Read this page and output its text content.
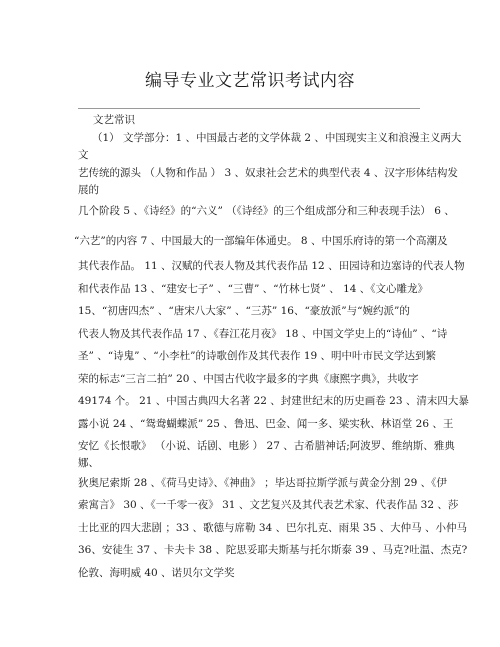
编导专业文艺常识考试内容
文艺常识
（1） 文学部分：1 、中国最古老的文学体裁 2 、中国现实主义和浪漫主义两大
文
艺传统的源头 （人物和作品 ） 3 、奴隶社会艺术的典型代表 4 、汉字形体结构发
展的
几个阶段 5 、《诗经》的“六义” （《诗经》的三个组成部分和三种表现手法） 6 、
“六艺”的内容 7 、中国最大的一部编年体通史。 8 、中国乐府诗的第一个高潮及
其代表作品。 11 、汉赋的代表人物及其代表作品 12 、田园诗和边塞诗的代表人物
和代表作品 13 、“建安七子” 、“三曹” 、“竹林七贤” 、 14 、《文心雕龙》
15、“初唐四杰” 、“唐宋八大家” 、“三苏” 16、“豪放派”与“婉约派”的
代表人物及其代表作品 17 、《春江花月夜》 18 、中国文学史上的“诗仙” 、“诗
圣” 、“诗鬼” 、“小李杜”的诗歌创作及其代表作 19 、明中叶市民文学达到繁
荣的标志“三言二拍” 20 、中国古代收字最多的字典《康熙字典》，共收字
49174 个。 21 、中国古典四大名著 22 、封建世纪末的历史画卷 23 、清末四大暴
露小说 24 、“鸳鸯蝴蝶派” 25 、鲁迅、巴金、闻一多、梁实秋、林语堂 26 、王
安忆《长恨歌》 （小说、话剧、电影 ） 27 、古希腊神话;阿波罗、维纳斯、雅典
娜、
狄奥尼索斯 28 、《荷马史诗》、《神曲》 ；毕达哥拉斯学派与黄金分割 29 、《伊
索寓言》 30 、《一千零一夜》 31 、文艺复兴及其代表艺术家、代表作品 32 、莎
士比亚的四大悲剧 ；33 、歌德与席勒 34 、巴尔扎克、雨果 35 、大仲马 、小仲马
36、安徒生 37 、卡夫卡 38 、陀思妥耶夫斯基与托尔斯泰 39 、马克?吐温、杰克?
伦敦、海明威 40 、诺贝尔文学奖
